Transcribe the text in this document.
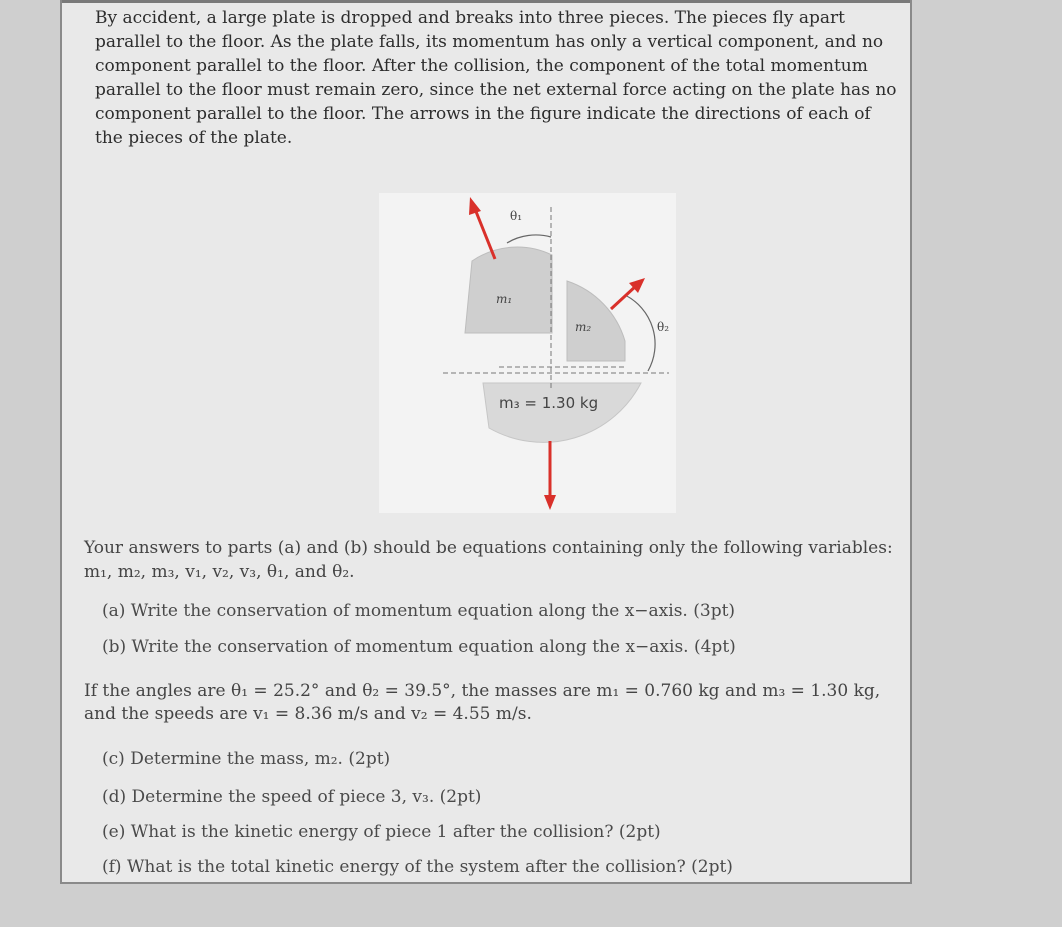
By accident, a large plate is dropped and breaks into three pieces. The pieces fly apart parallel to the floor. As the plate falls, its momentum has only a vertical component, and no component parallel to the floor. After the collision, the component of the total momentum parallel to the floor must remain zero, since the net external force acting on the plate has no component parallel to the floor. The arrows in the figure indicate the directions of each of the pieces of the plate.
θ₁
θ₂
m₁
m₂
m₃ = 1.30 kg
Your answers to parts (a) and (b) should be equations containing only the following variables: m₁, m₂, m₃, v₁, v₂, v₃, θ₁, and θ₂.
(a) Write the conservation of momentum equation along the x−axis. (3pt)
(b) Write the conservation of momentum equation along the x−axis. (4pt)
If the angles are θ₁ = 25.2° and θ₂ = 39.5°, the masses are m₁ = 0.760 kg and m₃ = 1.30 kg, and the speeds are v₁ = 8.36 m/s and v₂ = 4.55 m/s.
(c) Determine the mass, m₂. (2pt)
(d) Determine the speed of piece 3, v₃. (2pt)
(e) What is the kinetic energy of piece 1 after the collision? (2pt)
(f) What is the total kinetic energy of the system after the collision? (2pt)
